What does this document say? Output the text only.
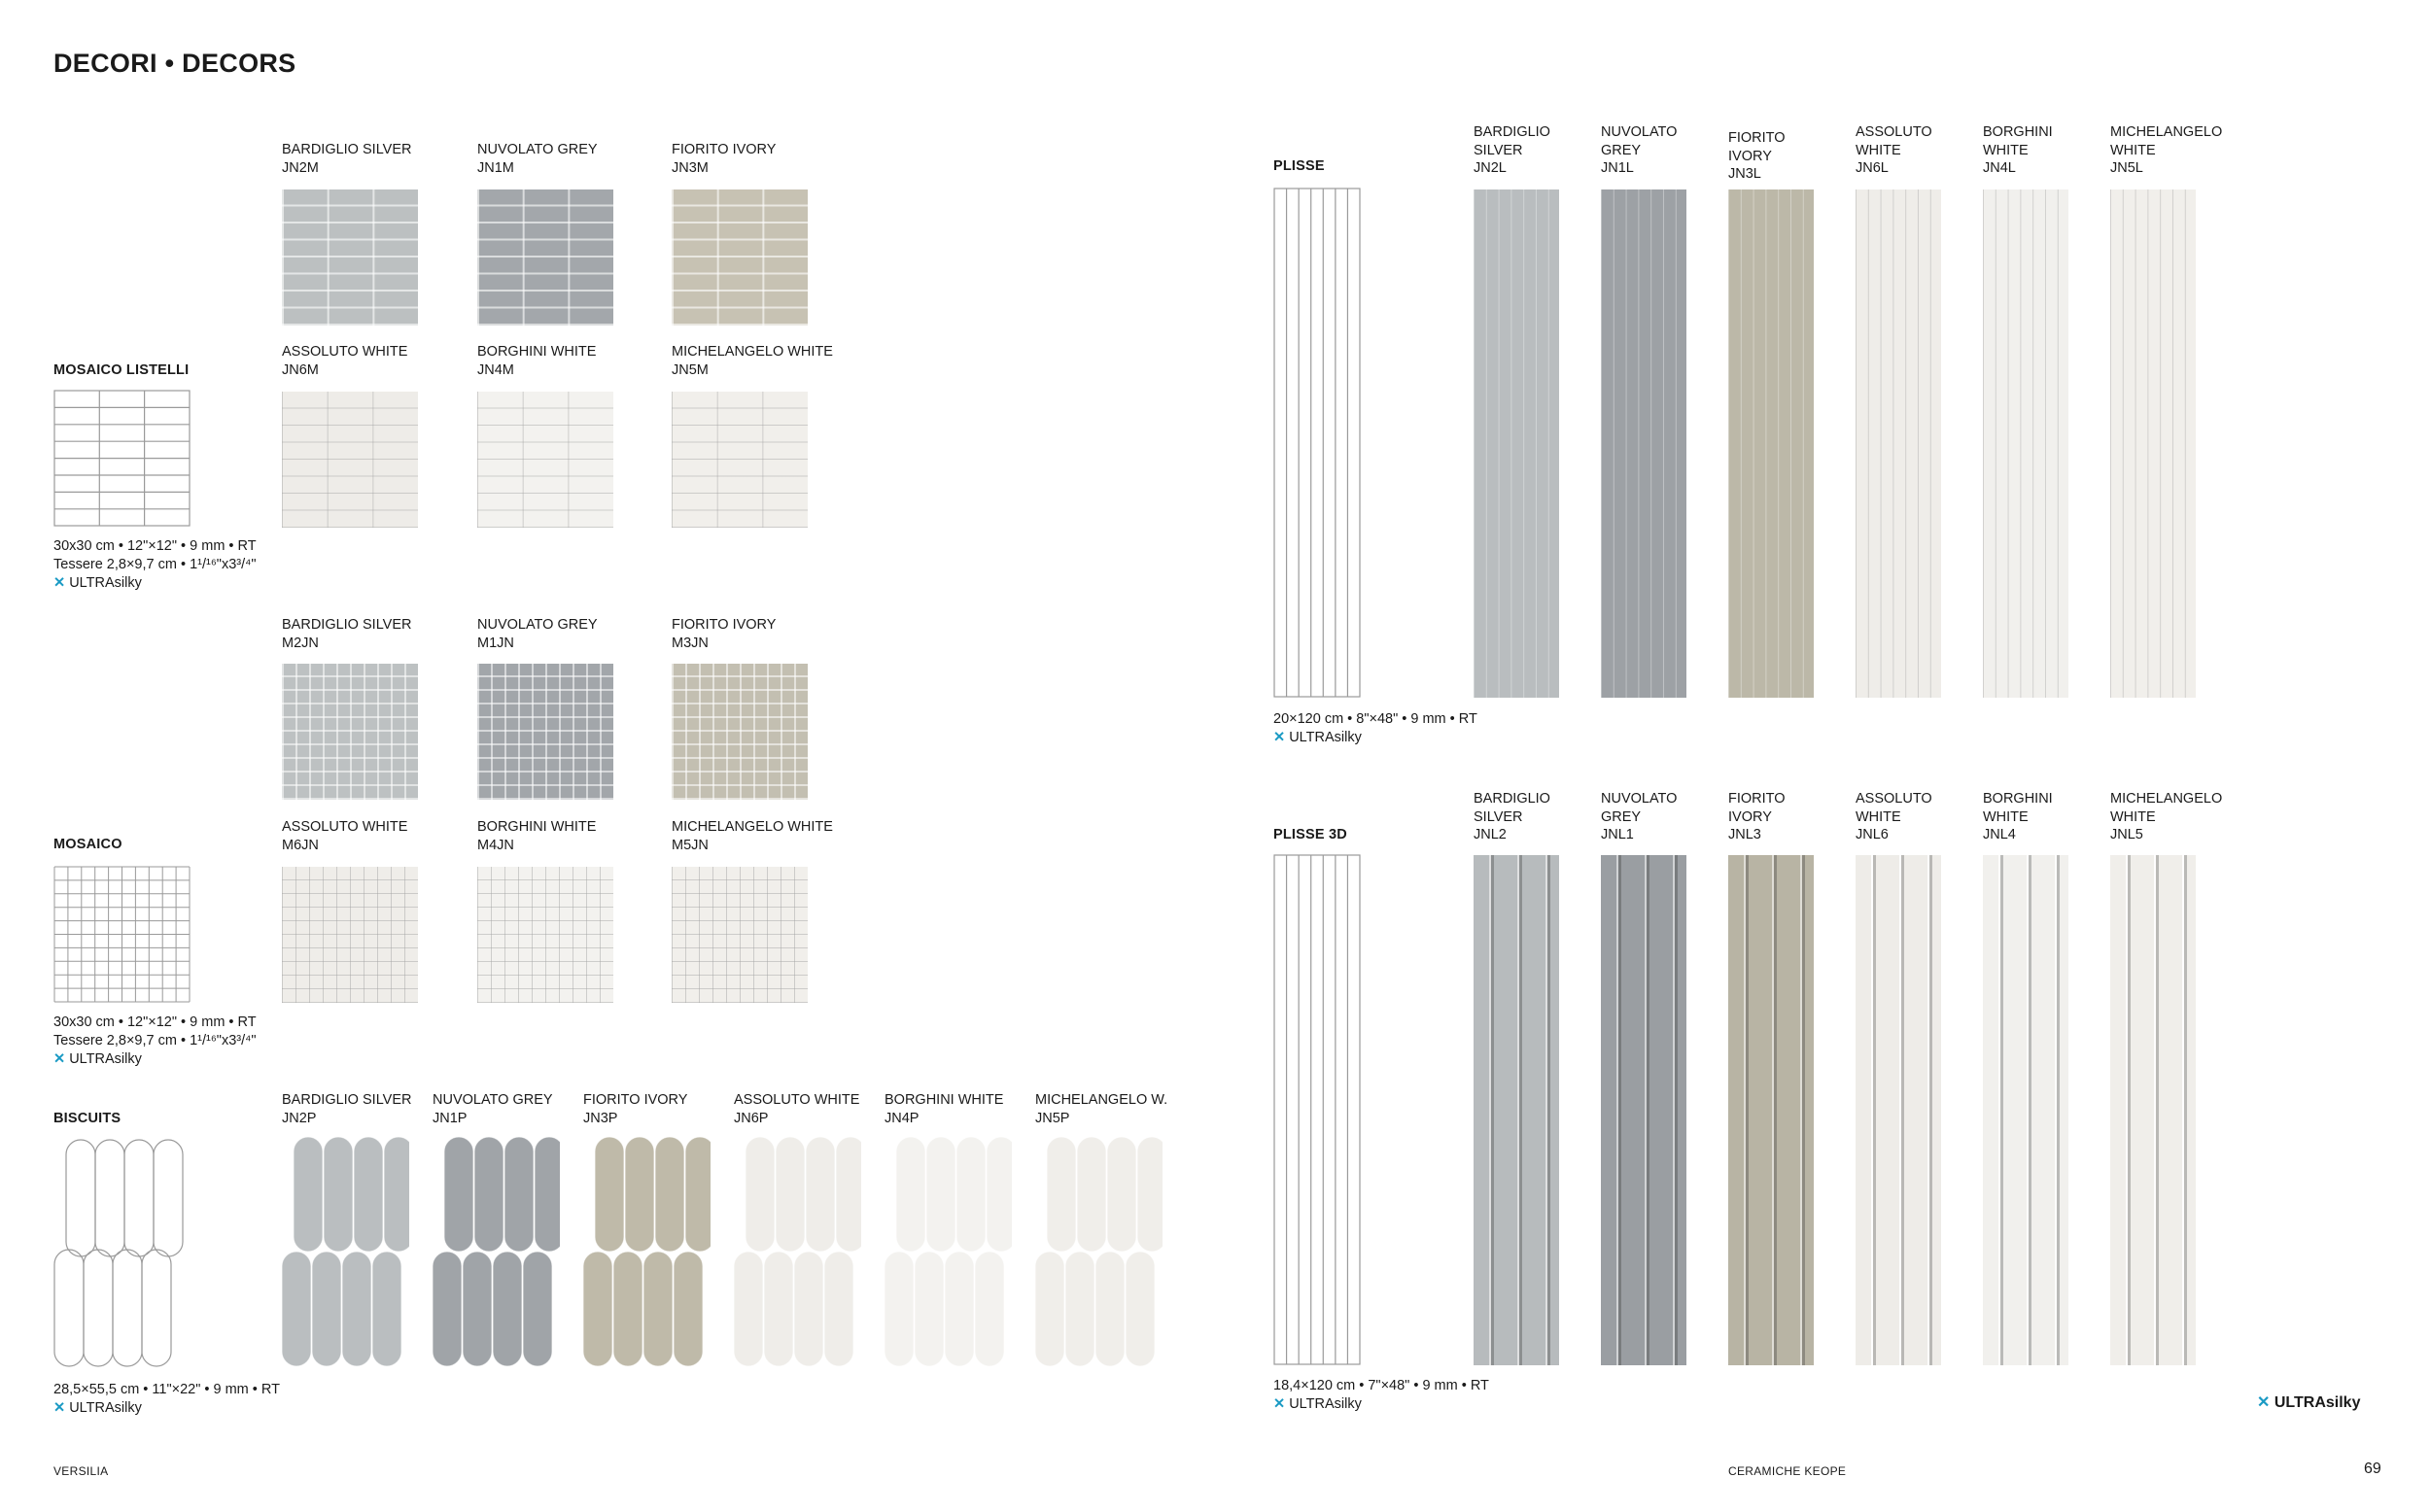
DECORI • DECORS
MOSAICO LISTELLI
30x30 cm • 12"×12" • 9 mm • RT
Tessere 2,8×9,7 cm • 1¹/¹⁶"x3³/⁴"
✕ ULTRAsilky
BARDIGLIO SILVER
JN2M
NUVOLATO GREY
JN1M
FIORITO IVORY
JN3M
ASSOLUTO WHITE
JN6M
BORGHINI WHITE
JN4M
MICHELANGELO WHITE
JN5M
MOSAICO
30x30 cm • 12"×12" • 9 mm • RT
Tessere 2,8×9,7 cm • 1¹/¹⁶"x3³/⁴"
✕ ULTRAsilky
BARDIGLIO SILVER
M2JN
NUVOLATO GREY
M1JN
FIORITO IVORY
M3JN
ASSOLUTO WHITE
M6JN
BORGHINI WHITE
M4JN
MICHELANGELO WHITE
M5JN
BISCUITS
28,5×55,5 cm • 11"×22" • 9 mm • RT
✕ ULTRAsilky
BARDIGLIO SILVER
JN2P
NUVOLATO GREY
JN1P
FIORITO IVORY
JN3P
ASSOLUTO WHITE
JN6P
BORGHINI WHITE
JN4P
MICHELANGELO W.
JN5P
PLISSE
20×120 cm • 8"×48" • 9 mm • RT
✕ ULTRAsilky
BARDIGLIO
SILVER
JN2L
NUVOLATO
GREY
JN1L
FIORITO
IVORY
JN3L
ASSOLUTO
WHITE
JN6L
BORGHINI
WHITE
JN4L
MICHELANGELO
WHITE
JN5L
PLISSE 3D
18,4×120 cm • 7"×48" • 9 mm • RT
✕ ULTRAsilky
BARDIGLIO
SILVER
JNL2
NUVOLATO
GREY
JNL1
FIORITO
IVORY
JNL3
ASSOLUTO
WHITE
JNL6
BORGHINI
WHITE
JNL4
MICHELANGELO
WHITE
JNL5
✕ ULTRAsilky
VERSILIA	CERAMICHE KEOPE	69
